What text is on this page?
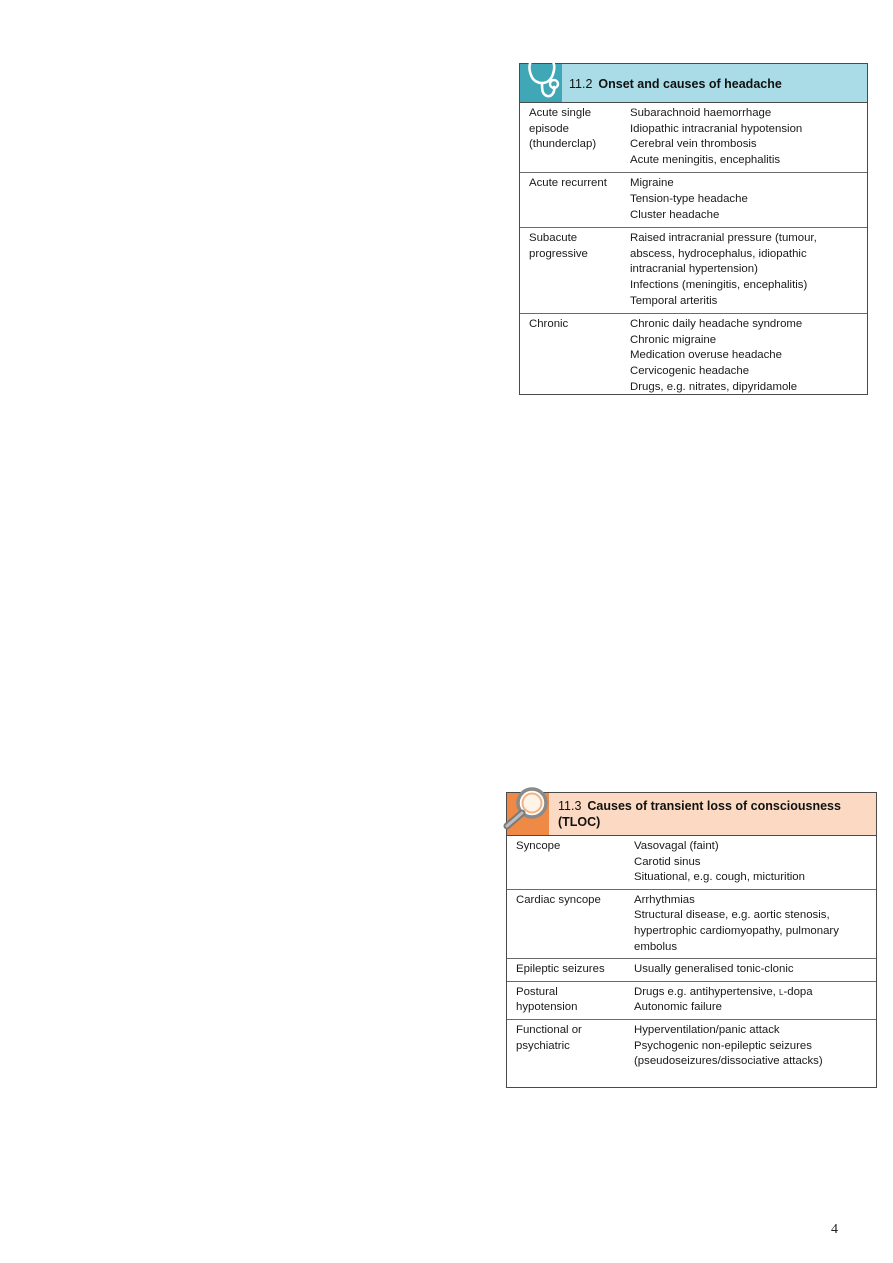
11.2 Onset and causes of headache
Acute single
episode
(thunderclap)	Subarachnoid haemorrhage
Idiopathic intracranial hypotension
Cerebral vein thrombosis
Acute meningitis, encephalitis

Acute recurrent	Migraine
Tension-type headache
Cluster headache

Subacute
progressive	Raised intracranial pressure (tumour,
abscess, hydrocephalus, idiopathic
intracranial hypertension)
Infections (meningitis, encephalitis)
Temporal arteritis

Chronic	Chronic daily headache syndrome
Chronic migraine
Medication overuse headache
Cervicogenic headache
Drugs, e.g. nitrates, dipyridamole
11.3 Causes of transient loss of consciousness (TLOC)
Syncope	Vasovagal (faint)
Carotid sinus
Situational, e.g. cough, micturition

Cardiac syncope	Arrhythmias
Structural disease, e.g. aortic stenosis,
hypertrophic cardiomyopathy, pulmonary
embolus

Epileptic seizures	Usually generalised tonic-clonic

Postural
hypotension	Drugs e.g. antihypertensive, l-dopa
Autonomic failure

Functional or
psychiatric	Hyperventilation/panic attack
Psychogenic non-epileptic seizures
(pseudoseizures/dissociative attacks)
4
